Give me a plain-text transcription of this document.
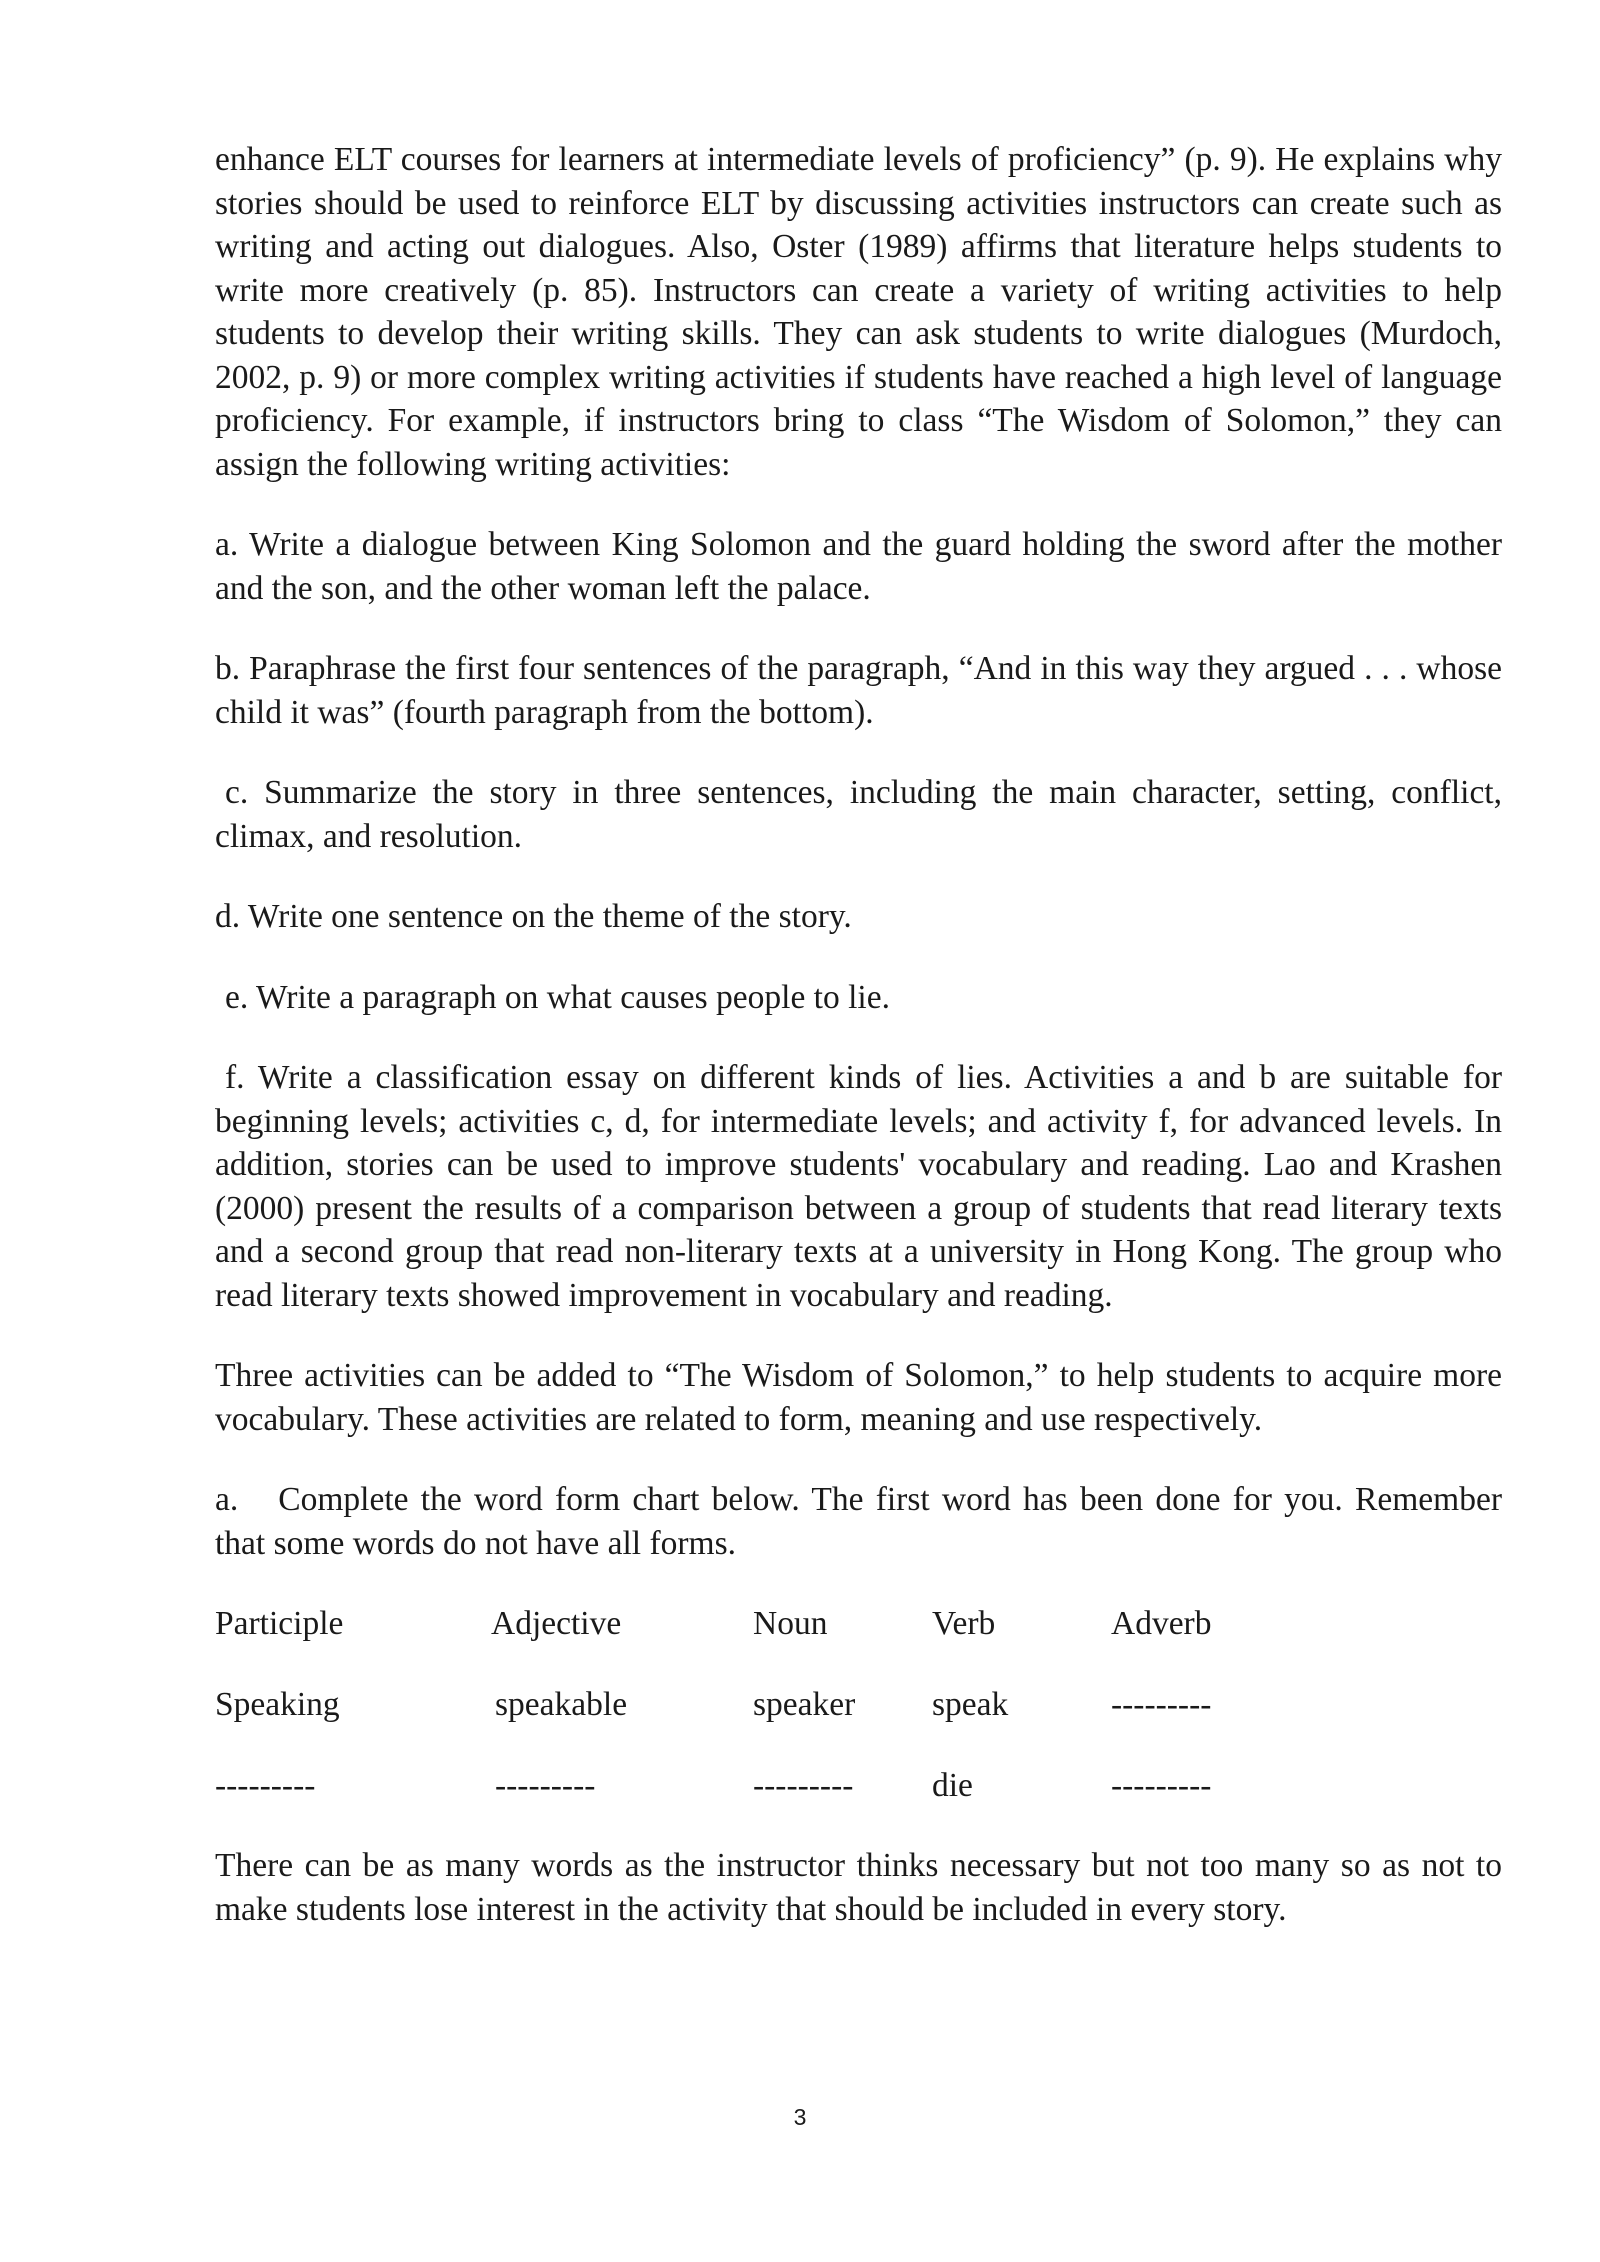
enhance ELT courses for learners at intermediate levels of proficiency” (p. 9). He explains why stories should be used to reinforce ELT by discussing activities instructors can create such as writing and acting out dialogues. Also, Oster (1989) affirms that literature helps students to write more creatively (p. 85). Instructors can create a variety of writing activities to help students to develop their writing skills. They can ask students to write dialogues (Murdoch, 2002, p. 9) or more complex writing activities if students have reached a high level of language proficiency. For example, if instructors bring to class “The Wisdom of Solomon,” they can assign the following writing activities:

a. Write a dialogue between King Solomon and the guard holding the sword after the mother and the son, and the other woman left the palace.

b. Paraphrase the first four sentences of the paragraph, “And in this way they argued . . . whose child it was” (fourth paragraph from the bottom).

c. Summarize the story in three sentences, including the main character, setting, conflict, climax, and resolution.

d. Write one sentence on the theme of the story.

e. Write a paragraph on what causes people to lie.

f. Write a classification essay on different kinds of lies. Activities a and b are suitable for beginning levels; activities c, d, for intermediate levels; and activity f, for advanced levels. In addition, stories can be used to improve students' vocabulary and reading. Lao and Krashen (2000) present the results of a comparison between a group of students that read literary texts and a second group that read non-literary texts at a university in Hong Kong. The group who read literary texts showed improvement in vocabulary and reading.

Three activities can be added to “The Wisdom of Solomon,” to help students to acquire more vocabulary. These activities are related to form, meaning and use respectively.

a. Complete the word form chart below. The first word has been done for you. Remember that some words do not have all forms.

Participle	Adjective	Noun	Verb	Adverb
Speaking	speakable	speaker	speak	---------
---------	---------	---------	die	---------

There can be as many words as the instructor thinks necessary but not too many so as not to make students lose interest in the activity that should be included in every story.

3
